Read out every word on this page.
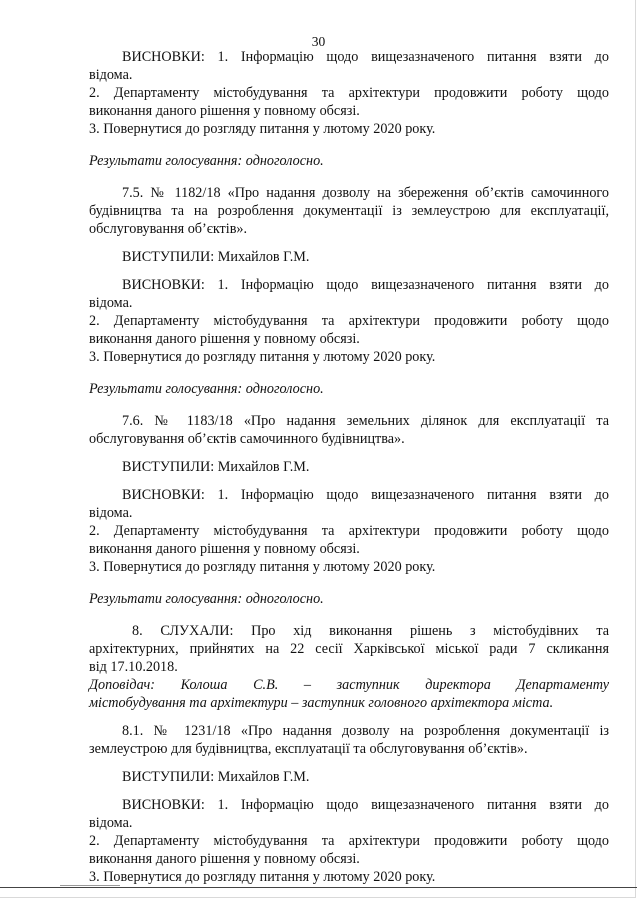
30

ВИСНОВКИ: 1. Інформацію щодо вищезазначеного питання взяти до

відома.

2. Департаменту містобудування та архітектури продовжити роботу щодо

виконання даного рішення у повному обсязі.

3. Повернутися до розгляду питання у лютому 2020 року.

Результати голосування: одноголосно.

7.5. № 1182/18 «Про надання дозволу на збереження об’єктів самочинного

будівництва та на розроблення документації із землеустрою для експлуатації,

обслуговування об’єктів».

ВИСТУПИЛИ: Михайлов Г.М.

ВИСНОВКИ: 1. Інформацію щодо вищезазначеного питання взяти до

відома.

2. Департаменту містобудування та архітектури продовжити роботу щодо

виконання даного рішення у повному обсязі.

3. Повернутися до розгляду питання у лютому 2020 року.

Результати голосування: одноголосно.

7.6. № 1183/18 «Про надання земельних ділянок для експлуатації та

обслуговування об’єктів самочинного будівництва».

ВИСТУПИЛИ: Михайлов Г.М.

ВИСНОВКИ: 1. Інформацію щодо вищезазначеного питання взяти до

відома.

2. Департаменту містобудування та архітектури продовжити роботу щодо

виконання даного рішення у повному обсязі.

3. Повернутися до розгляду питання у лютому 2020 року.

Результати голосування: одноголосно.

8. СЛУХАЛИ: Про хід виконання рішень з містобудівних та

архітектурних, прийнятих на 22 сесії Харківської міської ради 7 скликання

від 17.10.2018.

Доповідач: Колоша С.В. – заступник директора Департаменту

містобудування та архітектури – заступник головного архітектора міста.

8.1. № 1231/18 «Про надання дозволу на розроблення документації із

землеустрою для будівництва, експлуатації та обслуговування об’єктів».

ВИСТУПИЛИ: Михайлов Г.М.

ВИСНОВКИ: 1. Інформацію щодо вищезазначеного питання взяти до

відома.

2. Департаменту містобудування та архітектури продовжити роботу щодо

виконання даного рішення у повному обсязі.

3. Повернутися до розгляду питання у лютому 2020 року.
